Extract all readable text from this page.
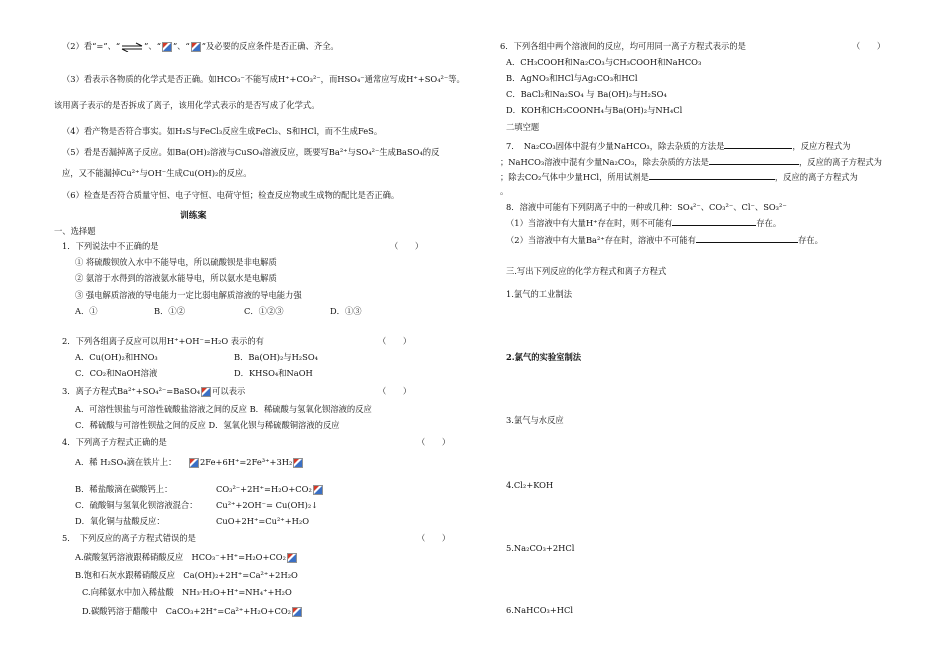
（2）看“=”、“⇌”、“ ”、“ ”及必要的反应条件是否正确、齐全。
（3）看表示各物质的化学式是否正确。如HCO₃⁻不能写成H⁺+CO₃²⁻，而HSO₄⁻通常应写成H⁺+SO₄²⁻等。
该用离子表示的是否拆成了离子，该用化学式表示的是否写成了化学式。
（4）看产物是否符合事实。如H₂S与FeCl₃反应生成FeCl₂、S和HCl，而不生成FeS。
（5）看是否漏掉离子反应。如Ba(OH)₂溶液与CuSO₄溶液反应，既要写Ba²⁺与SO₄²⁻生成BaSO₄的反
应，又不能漏掉Cu²⁺与OH⁻生成Cu(OH)₂的反应。
（6）检查是否符合质量守恒、电子守恒、电荷守恒；检查反应物或生成物的配比是否正确。
训练案
一、选择题
1．下列说法中不正确的是	（　　）
① 将硫酸钡放入水中不能导电，所以硫酸钡是非电解质
② 氨溶于水得到的溶液氨水能导电，所以氨水是电解质
③ 强电解质溶液的导电能力一定比弱电解质溶液的导电能力强
A．①	B．①②	C．①②③	D．①③
2．下列各组离子反应可以用H⁺+OH⁻=H₂O 表示的有	（　　）
A．Cu(OH)₂和HNO₃	B．Ba(OH)₂与H₂SO₄
C．CO₂和NaOH溶液	D．KHSO₄和NaOH
3．离子方程式Ba²⁺+SO₄²⁻=BaSO₄ 可以表示	（　　）
A．可溶性钡盐与可溶性硫酸盐溶液之间的反应 B．稀硫酸与氢氧化钡溶液的反应
C．稀硫酸与可溶性钡盐之间的反应 D．氢氧化钡与稀硫酸铜溶液的反应
4．下列离子方程式正确的是	（　　）
A．稀 H₂SO₄滴在铁片上：	2Fe+6H⁺=2Fe³⁺+3H₂
B．稀盐酸滴在碳酸钙上：	CO₃²⁻+2H⁺=H₂O+CO₂
C．硫酸铜与氢氧化钡溶液混合： Cu²⁺+2OH⁻= Cu(OH)₂↓
D．氧化铜与盐酸反应：	CuO+2H⁺=Cu²⁺+H₂O
5．　下列反应的离子方程式错误的是	（　　）
A.碳酸氢钙溶液跟稀硝酸反应　HCO₃⁻+H⁺=H₂O+CO₂
B.饱和石灰水跟稀硝酸反应　Ca(OH)₂+2H⁺=Ca²⁺+2H₂O
C.向稀氨水中加入稀盐酸　NH₃·H₂O+H⁺=NH₄⁺+H₂O
D.碳酸钙溶于醋酸中　CaCO₃+2H⁺=Ca²⁺+H₂O+CO₂
6．下列各组中两个溶液间的反应，均可用同一离子方程式表示的是	（　　）
A．CH₃COOH和Na₂CO₃与CH₃COOH和NaHCO₃
B．AgNO₃和HCl与Ag₂CO₃和HCl
C．BaCl₂和Na₂SO₄ 与 Ba(OH)₂与H₂SO₄
D．KOH和CH₃COONH₄与Ba(OH)₂与NH₄Cl
二填空题
7．　Na₂CO₃固体中混有少量NaHCO₃，除去杂质的方法是	，反应方程式为
；NaHCO₃溶液中混有少量Na₂CO₃，除去杂质的方法是	，反应的离子方程式为
；除去CO₂气体中少量HCl，所用试剂是	，反应的离子方程式为
。
8．溶液中可能有下列阴离子中的一种或几种：SO₄²⁻、CO₃²⁻、Cl⁻、SO₃²⁻
（1）当溶液中有大量H⁺存在时，则不可能有	存在。
（2）当溶液中有大量Ba²⁺存在时，溶液中不可能有	存在。
三.写出下列反应的化学方程式和离子方程式
1.氯气的工业制法
2.氯气的实验室制法
3.氯气与水反应
4.Cl₂+KOH
5.Na₂CO₃+2HCl
6.NaHCO₃+HCl
